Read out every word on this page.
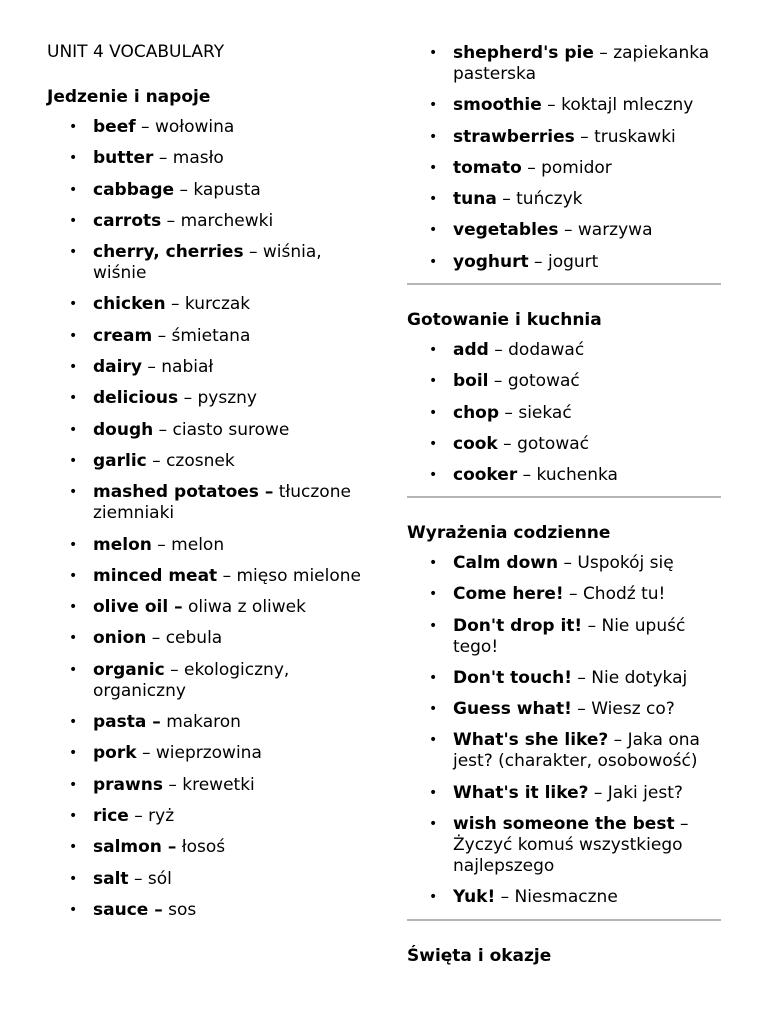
UNIT 4 VOCABULARY
Jedzenie i napoje
• beef – wołowina
• butter – masło
• cabbage – kapusta
• carrots – marchewki
• cherry, cherries – wiśnia, wiśnie
• chicken – kurczak
• cream – śmietana
• dairy – nabiał
• delicious – pyszny
• dough – ciasto surowe
• garlic – czosnek
• mashed potatoes – tłuczone ziemniaki
• melon – melon
• minced meat – mięso mielone
• olive oil – oliwa z oliwek
• onion – cebula
• organic – ekologiczny, organiczny
• pasta – makaron
• pork – wieprzowina
• prawns – krewetki
• rice – ryż
• salmon – łosoś
• salt – sól
• sauce – sos
• shepherd's pie – zapiekanka pasterska
• smoothie – koktajl mleczny
• strawberries – truskawki
• tomato – pomidor
• tuna – tuńczyk
• vegetables – warzywa
• yoghurt – jogurt
Gotowanie i kuchnia
• add – dodawać
• boil – gotować
• chop – siekać
• cook – gotować
• cooker – kuchenka
Wyrażenia codzienne
• Calm down – Uspokój się
• Come here! – Chodź tu!
• Don't drop it! – Nie upuść tego!
• Don't touch! – Nie dotykaj
• Guess what! – Wiesz co?
• What's she like? – Jaka ona jest? (charakter, osobowość)
• What's it like? – Jaki jest?
• wish someone the best – Życzyć komuś wszystkiego najlepszego
• Yuk! – Niesmaczne
Święta i okazje
